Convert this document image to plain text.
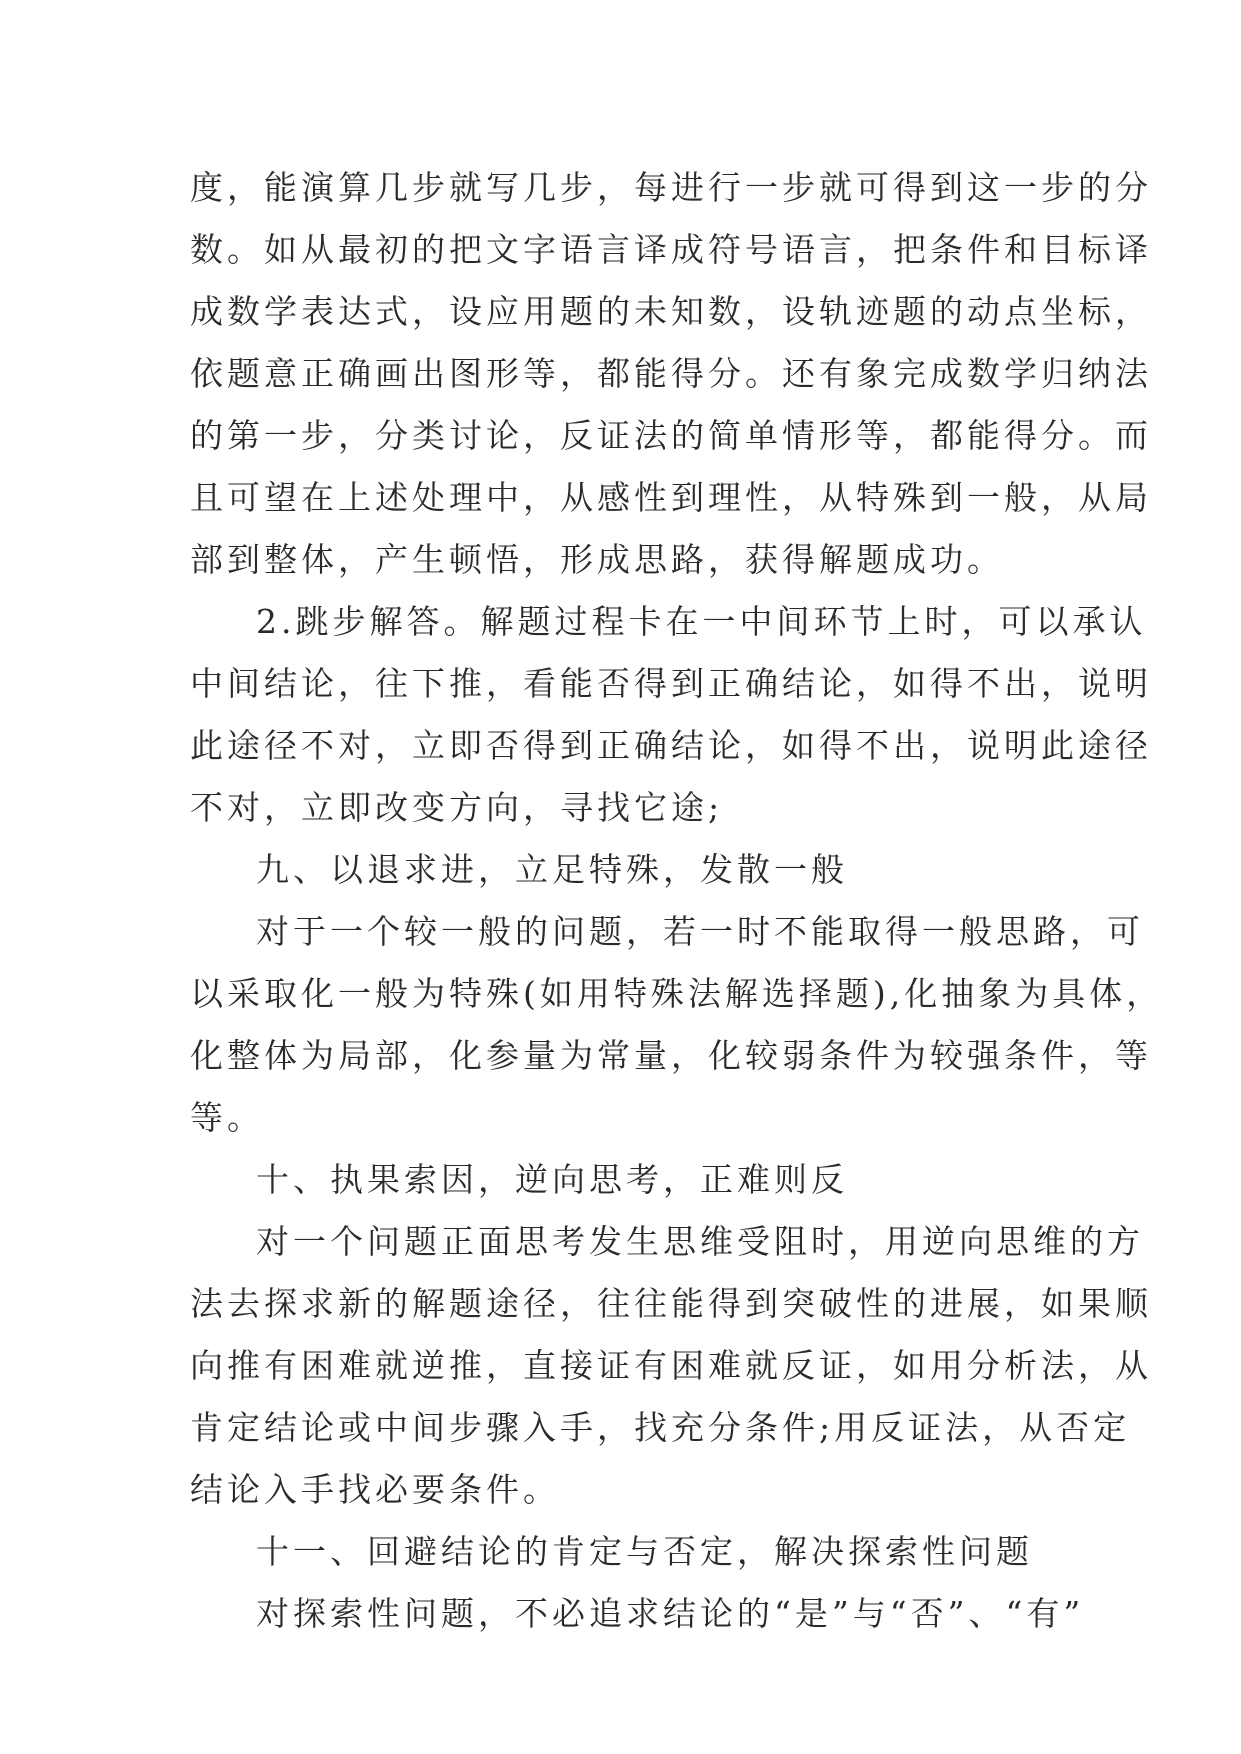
度，能演算几步就写几步，每进行一步就可得到这一步的分
数。如从最初的把文字语言译成符号语言，把条件和目标译
成数学表达式，设应用题的未知数，设轨迹题的动点坐标，
依题意正确画出图形等，都能得分。还有象完成数学归纳法
的第一步，分类讨论，反证法的简单情形等，都能得分。而
且可望在上述处理中，从感性到理性，从特殊到一般，从局
部到整体，产生顿悟，形成思路，获得解题成功。
2.跳步解答。解题过程卡在一中间环节上时，可以承认
中间结论，往下推，看能否得到正确结论，如得不出，说明
此途径不对，立即否得到正确结论，如得不出，说明此途径
不对，立即改变方向，寻找它途;
九、以退求进，立足特殊，发散一般
对于一个较一般的问题，若一时不能取得一般思路，可
以采取化一般为特殊(如用特殊法解选择题),化抽象为具体，
化整体为局部，化参量为常量，化较弱条件为较强条件，等
等。
十、执果索因，逆向思考，正难则反
对一个问题正面思考发生思维受阻时，用逆向思维的方
法去探求新的解题途径，往往能得到突破性的进展，如果顺
向推有困难就逆推，直接证有困难就反证，如用分析法，从
肯定结论或中间步骤入手，找充分条件;用反证法，从否定
结论入手找必要条件。
十一、回避结论的肯定与否定，解决探索性问题
对探索性问题，不必追求结论的“是”与“否”、“有”
